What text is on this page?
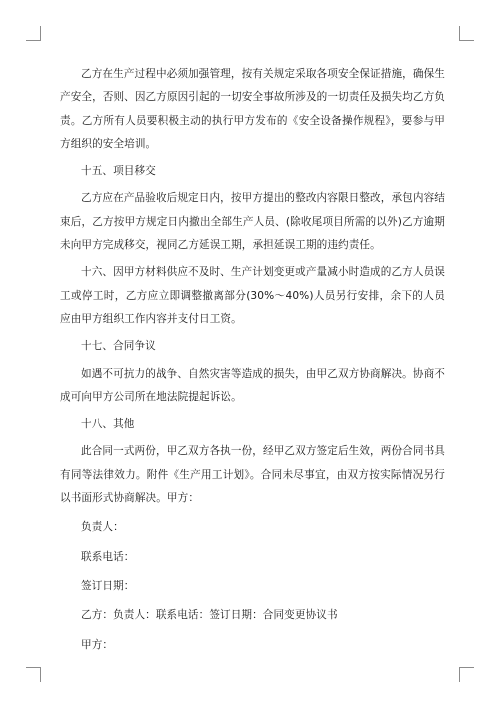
乙方在生产过程中必须加强管理，按有关规定采取各项安全保证措施，确保生产安全，否则、因乙方原因引起的一切安全事故所涉及的一切责任及损失均乙方负责。乙方所有人员要积极主动的执行甲方发布的《安全设备操作规程》，要参与甲方组织的安全培训。

十五、项目移交

乙方应在产品验收后规定日内，按甲方提出的整改内容限日整改，承包内容结束后，乙方按甲方规定日内撤出全部生产人员、(除收尾项目所需的以外)乙方逾期未向甲方完成移交，视同乙方延误工期，承担延误工期的违约责任。

十六、因甲方材料供应不及时、生产计划变更或产量减小时造成的乙方人员误工或停工时，乙方应立即调整撤离部分(30%～40%)人员另行安排，余下的人员应由甲方组织工作内容并支付日工资。

十七、合同争议

如遇不可抗力的战争、自然灾害等造成的损失，由甲乙双方协商解决。协商不成可向甲方公司所在地法院提起诉讼。

十八、其他

此合同一式两份，甲乙双方各执一份，经甲乙双方签定后生效，两份合同书具有同等法律效力。附件《生产用工计划》。合同未尽事宜，由双方按实际情况另行以书面形式协商解决。甲方：

负责人：

联系电话：

签订日期：

乙方：负责人：联系电话：签订日期：合同变更协议书

甲方：
